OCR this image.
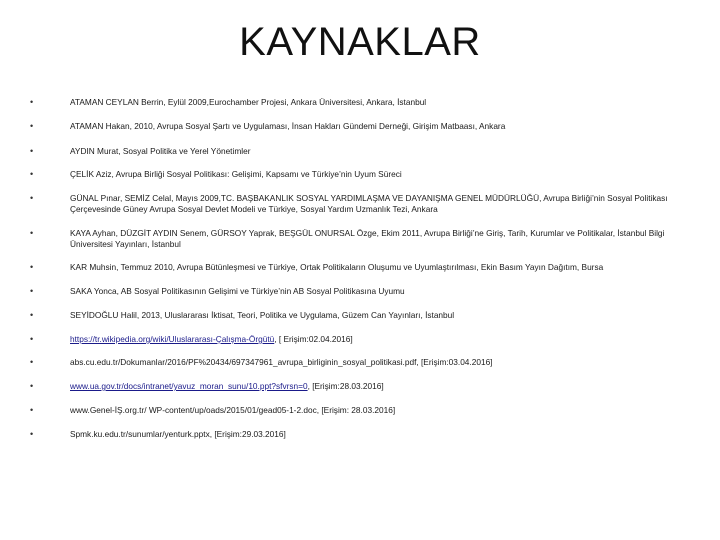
KAYNAKLAR
•	ATAMAN CEYLAN Berrin, Eylül 2009,Eurochamber Projesi, Ankara Üniversitesi, Ankara, İstanbul
•	ATAMAN Hakan, 2010, Avrupa Sosyal Şartı ve Uygulaması, İnsan Hakları Gündemi Derneği, Girişim Matbaası, Ankara
•	AYDIN Murat, Sosyal Politika ve Yerel Yönetimler
•	ÇELİK Aziz, Avrupa Birliği Sosyal Politikası: Gelişimi, Kapsamı ve Türkiye’nin Uyum Süreci
•	GÜNAL Pınar, SEMİZ Celal, Mayıs 2009,TC. BAŞBAKANLIK SOSYAL YARDIMLAŞMA VE DAYANIŞMA GENEL MÜDÜRLÜĞÜ, Avrupa Birliği’nin Sosyal Politikası Çerçevesinde Güney Avrupa Sosyal Devlet Modeli ve Türkiye, Sosyal Yardım Uzmanlık Tezi, Ankara
•	KAYA Ayhan, DÜZGİT AYDIN Senem, GÜRSOY Yaprak, BEŞGÜL ONURSAL Özge, Ekim 2011, Avrupa Birliği’ne Giriş, Tarih, Kurumlar ve Politikalar, İstanbul Bilgi Üniversitesi Yayınları, İstanbul
•	KAR Muhsin, Temmuz 2010, Avrupa Bütünleşmesi ve Türkiye, Ortak Politikaların Oluşumu ve Uyumlaştırılması, Ekin Basım Yayın Dağıtım, Bursa
•	SAKA Yonca, AB Sosyal Politikasının Gelişimi ve Türkiye’nin AB Sosyal Politikasına Uyumu
•	SEYİDOĞLU Halil, 2013, Uluslararası İktisat, Teori, Politika ve Uygulama, Güzem Can Yayınları, İstanbul
•	https://tr.wikipedia.org/wiki/Uluslararası-Çalışma-Örgütü, [ Erişim:02.04.2016]
•	abs.cu.edu.tr/Dokumanlar/2016/PF%20434/697347961_avrupa_birliginin_sosyal_politikasi.pdf, [Erişim:03.04.2016]
•	www.ua.gov.tr/docs/intranet/yavuz_moran_sunu/10.ppt?sfvrsn=0, [Erişim:28.03.2016]
•	www.Genel-İŞ.org.tr/ WP-content/up/oads/2015/01/gead05-1-2.doc, [Erişim: 28.03.2016]
•	Spmk.ku.edu.tr/sunumlar/yenturk.pptx, [Erişim:29.03.2016]
